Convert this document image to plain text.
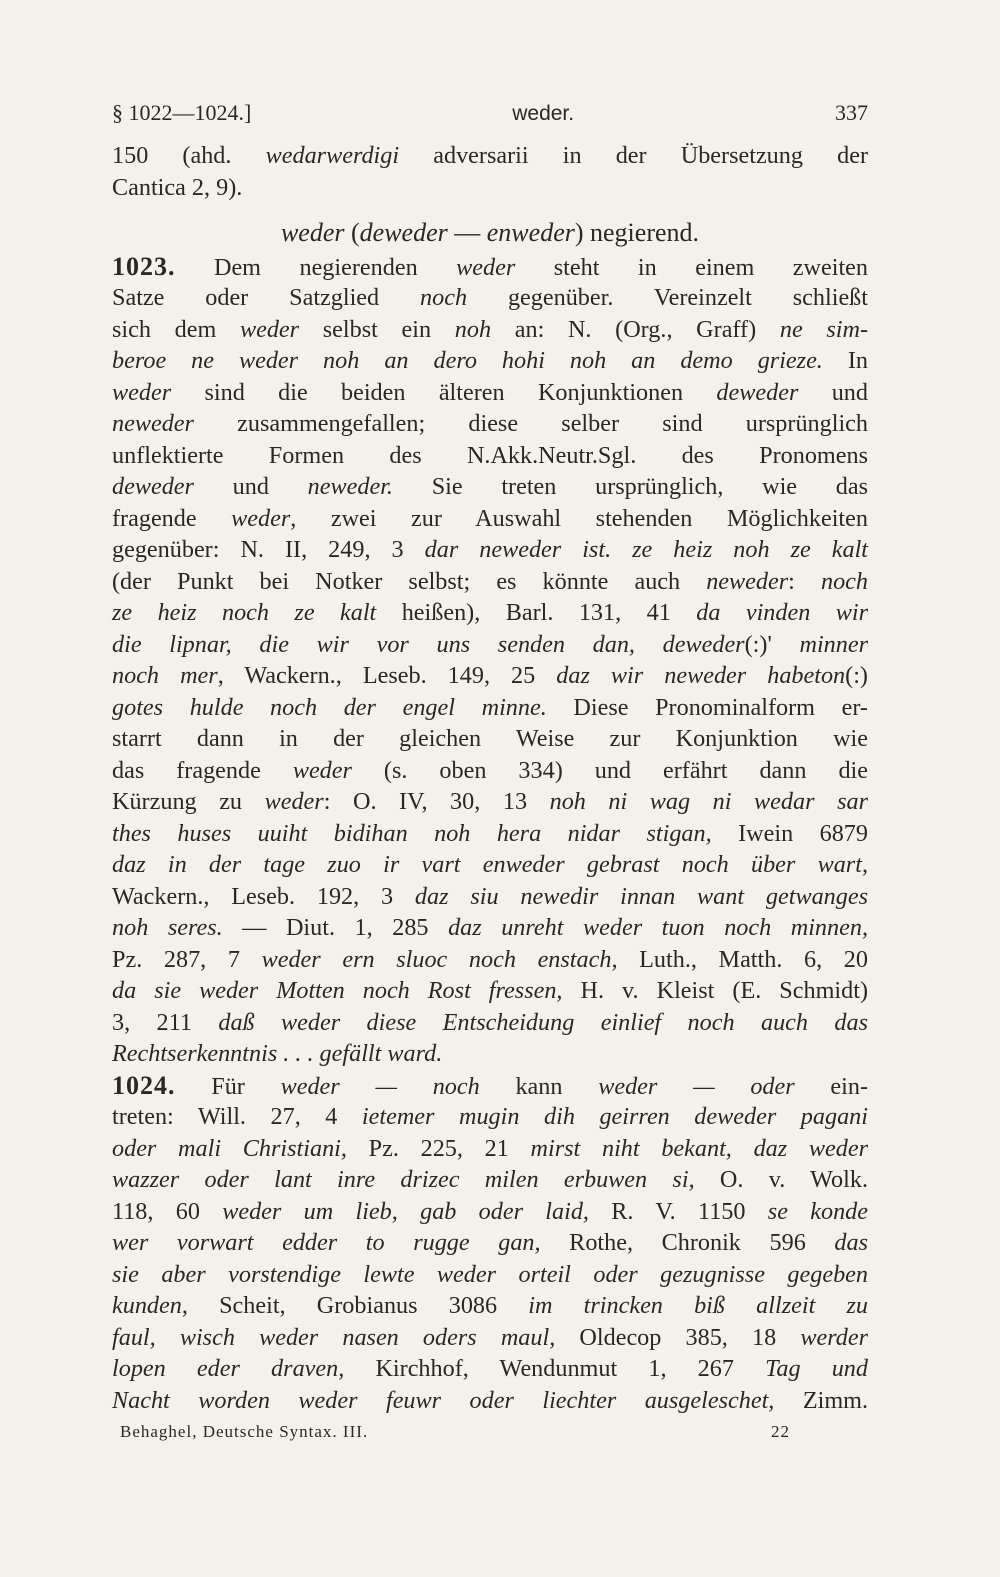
§ 1022—1024.]	weder.	337
150 (ahd. wedarwerdigi adversarii in der Übersetzung der
Cantica 2, 9).
weder (deweder — enweder) negierend.
1023. Dem negierenden weder steht in einem zweiten
Satze oder Satzglied noch gegenüber. Vereinzelt schließt
sich dem weder selbst ein noh an: N. (Org., Graff) ne sim-
beroe ne weder noh an dero hohi noh an demo grieze. In
weder sind die beiden älteren Konjunktionen deweder und
neweder zusammengefallen; diese selber sind ursprünglich
unflektierte Formen des N.Akk.Neutr.Sgl. des Pronomens
deweder und neweder. Sie treten ursprünglich, wie das
fragende weder, zwei zur Auswahl stehenden Möglichkeiten
gegenüber: N. II, 249, 3 dar neweder ist. ze heiz noh ze kalt
(der Punkt bei Notker selbst; es könnte auch neweder: noch
ze heiz noch ze kalt heißen), Barl. 131, 41 da vinden wir
die lipnar, die wir vor uns senden dan, deweder(:)' minner
noch mer, Wackern., Leseb. 149, 25 daz wir neweder habeton(:)
gotes hulde noch der engel minne. Diese Pronominalform er-
starrt dann in der gleichen Weise zur Konjunktion wie
das fragende weder (s. oben 334) und erfährt dann die
Kürzung zu weder: O. IV, 30, 13 noh ni wag ni wedar sar
thes huses uuiht bidihan noh hera nidar stigan, Iwein 6879
daz in der tage zuo ir vart enweder gebrast noch über wart,
Wackern., Leseb. 192, 3 daz siu newedir innan want getwanges
noh seres. — Diut. 1, 285 daz unreht weder tuon noch minnen,
Pz. 287, 7 weder ern sluoc noch enstach, Luth., Matth. 6, 20
da sie weder Motten noch Rost fressen, H. v. Kleist (E. Schmidt)
3, 211 daß weder diese Entscheidung einlief noch auch das
Rechtserkenntnis . . . gefällt ward.
1024. Für weder — noch kann weder — oder ein-
treten: Will. 27, 4 ietemer mugin dih geirren deweder pagani
oder mali Christiani, Pz. 225, 21 mirst niht bekant, daz weder
wazzer oder lant inre drizec milen erbuwen si, O. v. Wolk.
118, 60 weder um lieb, gab oder laid, R. V. 1150 se konde
wer vorwart edder to rugge gan, Rothe, Chronik 596 das
sie aber vorstendige lewte weder orteil oder gezugnisse gegeben
kunden, Scheit, Grobianus 3086 im trincken biß allzeit zu
faul, wisch weder nasen oders maul, Oldecop 385, 18 werder
lopen eder draven, Kirchhof, Wendunmut 1, 267 Tag und
Nacht worden weder feuwr oder liechter ausgeleschet, Zimm.
Behaghel, Deutsche Syntax. III.	22
